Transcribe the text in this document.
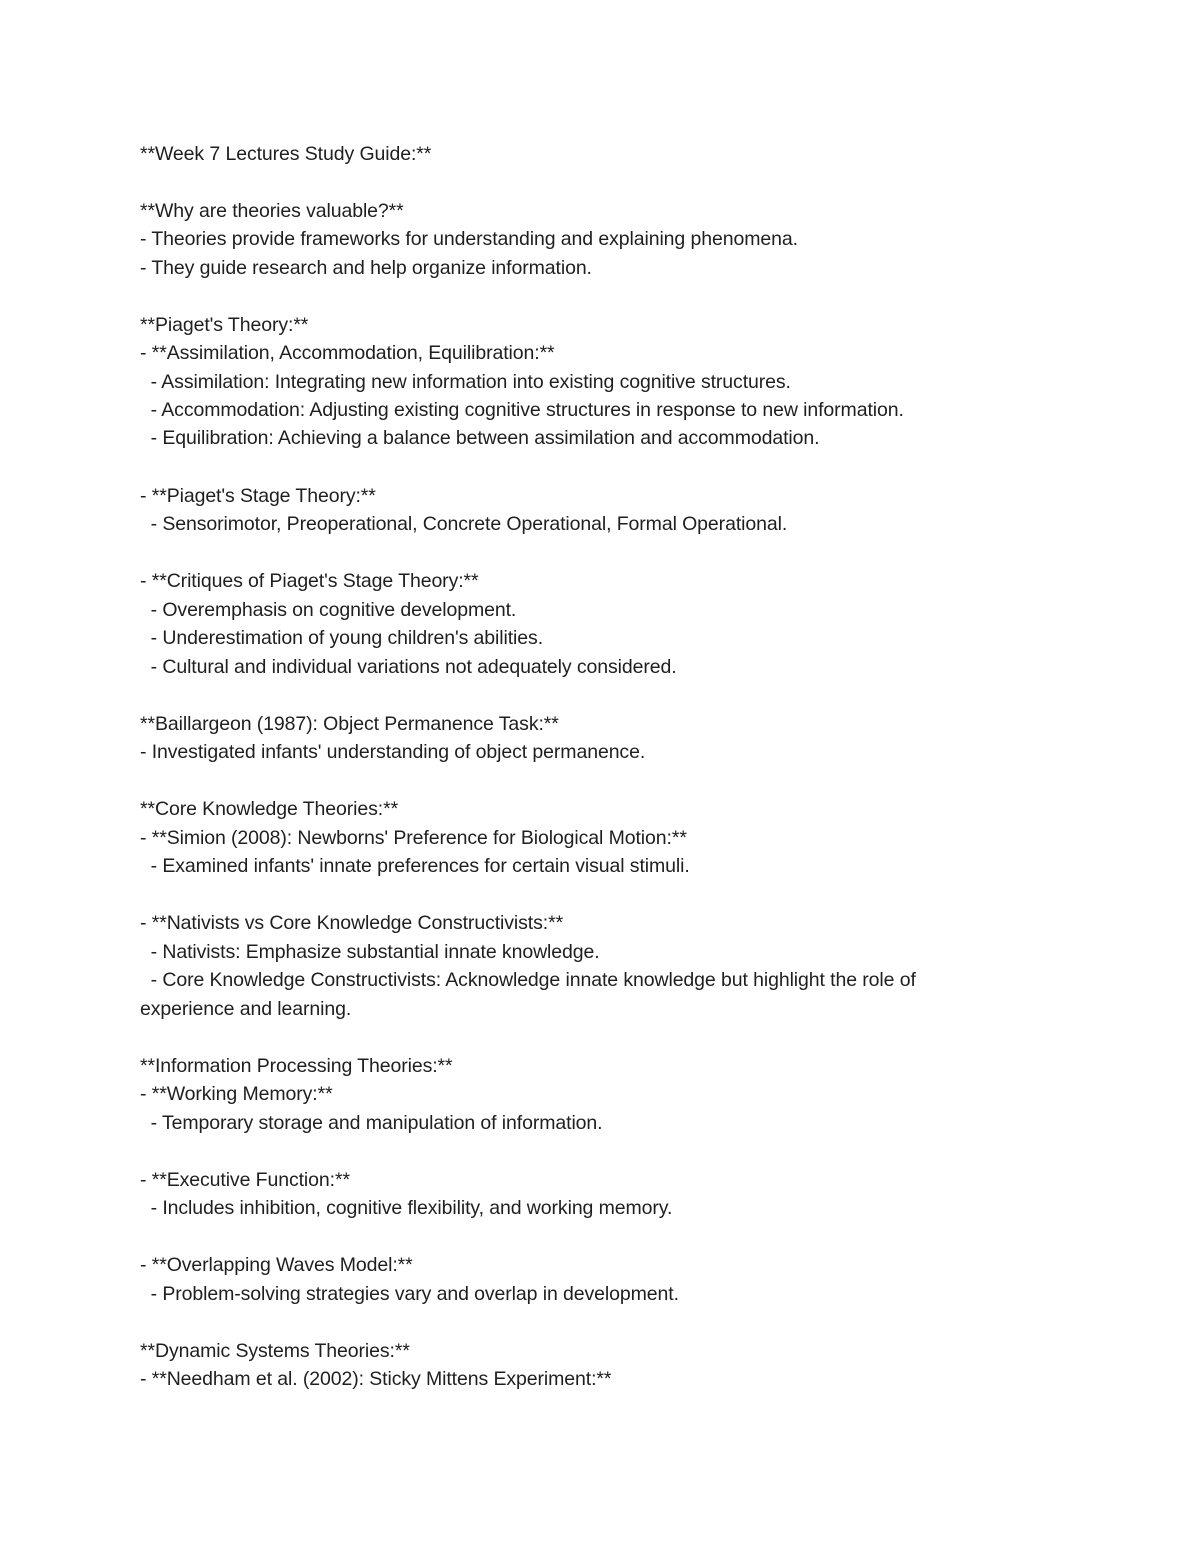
**Week 7 Lectures Study Guide:**
**Why are theories valuable?**
- Theories provide frameworks for understanding and explaining phenomena.
- They guide research and help organize information.
**Piaget's Theory:**
- **Assimilation, Accommodation, Equilibration:**
- Assimilation: Integrating new information into existing cognitive structures.
- Accommodation: Adjusting existing cognitive structures in response to new information.
- Equilibration: Achieving a balance between assimilation and accommodation.
- **Piaget's Stage Theory:**
- Sensorimotor, Preoperational, Concrete Operational, Formal Operational.
- **Critiques of Piaget's Stage Theory:**
- Overemphasis on cognitive development.
- Underestimation of young children's abilities.
- Cultural and individual variations not adequately considered.
**Baillargeon (1987): Object Permanence Task:**
- Investigated infants' understanding of object permanence.
**Core Knowledge Theories:**
- **Simion (2008): Newborns' Preference for Biological Motion:**
- Examined infants' innate preferences for certain visual stimuli.
- **Nativists vs Core Knowledge Constructivists:**
- Nativists: Emphasize substantial innate knowledge.
- Core Knowledge Constructivists: Acknowledge innate knowledge but highlight the role of
experience and learning.
**Information Processing Theories:**
- **Working Memory:**
- Temporary storage and manipulation of information.
- **Executive Function:**
- Includes inhibition, cognitive flexibility, and working memory.
- **Overlapping Waves Model:**
- Problem-solving strategies vary and overlap in development.
**Dynamic Systems Theories:**
- **Needham et al. (2002): Sticky Mittens Experiment:**
